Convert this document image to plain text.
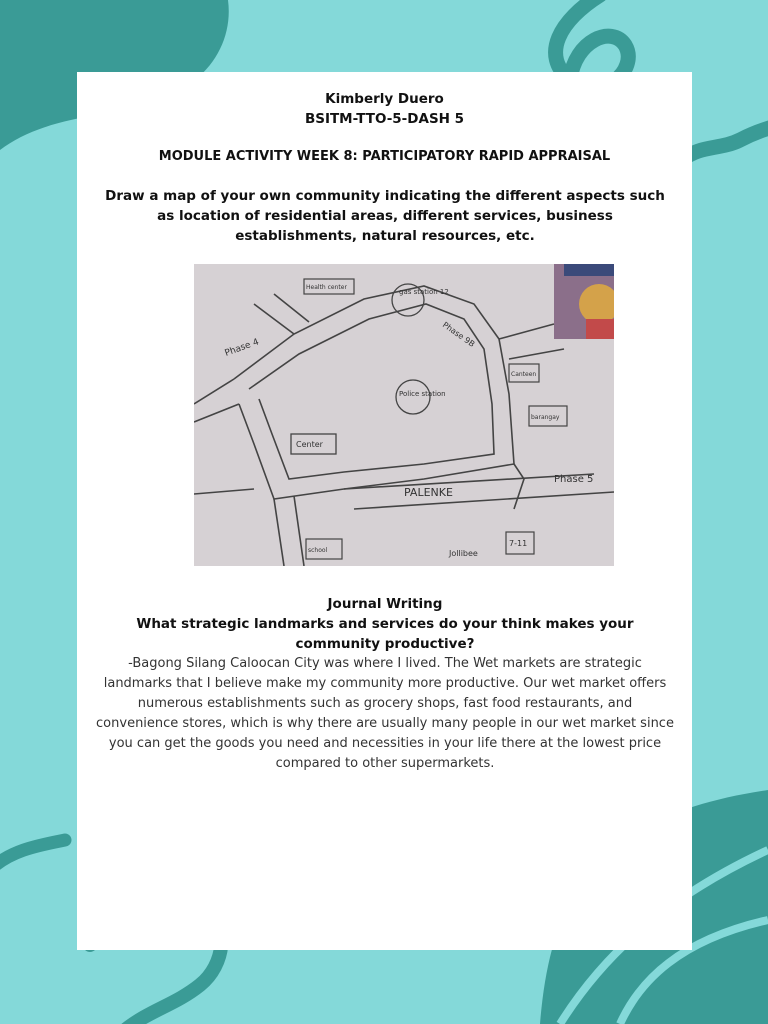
Kimberly Duero
BSITM-TTO-5-DASH 5
MODULE ACTIVITY WEEK 8: PARTICIPATORY RAPID APPRAISAL
Draw a map of your own community indicating the different aspects such as location of residential areas, different services, business establishments, natural resources, etc.
gas station 12
Police station
Center
Health center
Canteen
barangay
7-11
school
PALENKE
Phase 5
Phase 4	Phase 9B
Jollibee
Journal Writing

What strategic landmarks and services do your think makes your community productive?

-Bagong Silang Caloocan City was where I lived. The Wet markets are strategic landmarks that I believe make my community more productive. Our wet market offers numerous establishments such as grocery shops, fast food restaurants, and convenience stores, which is why there are usually many people in our wet market since you can get the goods you need and necessities in your life there at the lowest price compared to other supermarkets.
